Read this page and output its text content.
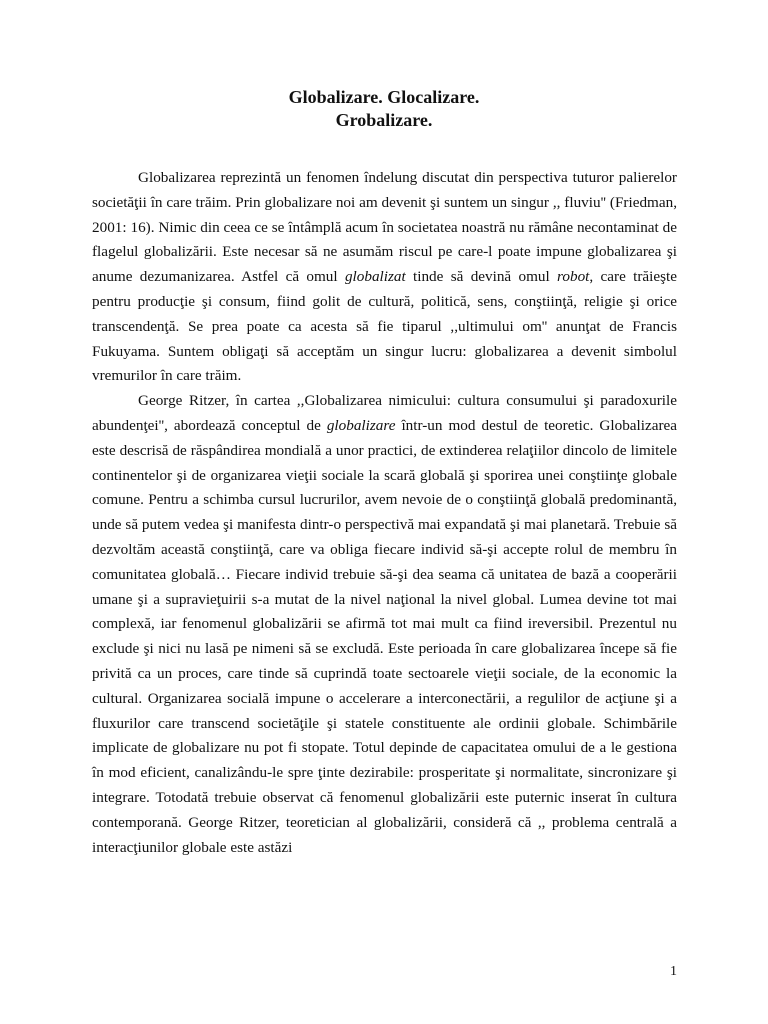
Globalizare. Glocalizare.
Grobalizare.

Globalizarea reprezintă un fenomen îndelung discutat din perspectiva tuturor palierelor societăţii în care trăim. Prin globalizare noi am devenit şi suntem un singur ,, fluviu'' (Friedman, 2001: 16). Nimic din ceea ce se întâmplă acum în societatea noastră nu rămâne necontaminat de flagelul globalizării. Este necesar să ne asumăm riscul pe care-l poate impune globalizarea şi anume dezumanizarea. Astfel că omul globalizat tinde să devină omul robot, care trăieşte pentru producţie şi consum, fiind golit de cultură, politică, sens, conştiinţă, religie şi orice transcendenţă. Se prea poate ca acesta să fie tiparul ,,ultimului om'' anunţat de Francis Fukuyama. Suntem obligaţi să acceptăm un singur lucru: globalizarea a devenit simbolul vremurilor în care trăim.

George Ritzer, în cartea ,,Globalizarea nimicului: cultura consumului şi paradoxurile abundenţei'', abordează conceptul de globalizare într-un mod destul de teoretic. Globalizarea este descrisă de răspândirea mondială a unor practici, de extinderea relaţiilor dincolo de limitele continentelor şi de organizarea vieţii sociale la scară globală şi sporirea unei conştiinţe globale comune. Pentru a schimba cursul lucrurilor, avem nevoie de o conştiinţă globală predominantă, unde să putem vedea şi manifesta dintr-o perspectivă mai expandată şi mai planetară. Trebuie să dezvoltăm această conştiinţă, care va obliga fiecare individ să-şi accepte rolul de membru în comunitatea globală… Fiecare individ trebuie să-şi dea seama că unitatea de bază a cooperării umane şi a supravieţuirii s-a mutat de la nivel naţional la nivel global. Lumea devine tot mai complexă, iar fenomenul globalizării se afirmă tot mai mult ca fiind ireversibil. Prezentul nu exclude şi nici nu lasă pe nimeni să se excludă. Este perioada în care globalizarea începe să fie privită ca un proces, care tinde să cuprindă toate sectoarele vieţii sociale, de la economic la cultural. Organizarea socială impune o accelerare a interconectării, a regulilor de acţiune şi a fluxurilor care transcend societăţile şi statele constituente ale ordinii globale. Schimbările implicate de globalizare nu pot fi stopate. Totul depinde de capacitatea omului de a le gestiona în mod eficient, canalizându-le spre ţinte dezirabile: prosperitate şi normalitate, sincronizare şi integrare. Totodată trebuie observat că fenomenul globalizării este puternic inserat în cultura contemporană. George Ritzer, teoretician al globalizării, consideră că ,, problema centrală a interacţiunilor globale este astăzi

1
